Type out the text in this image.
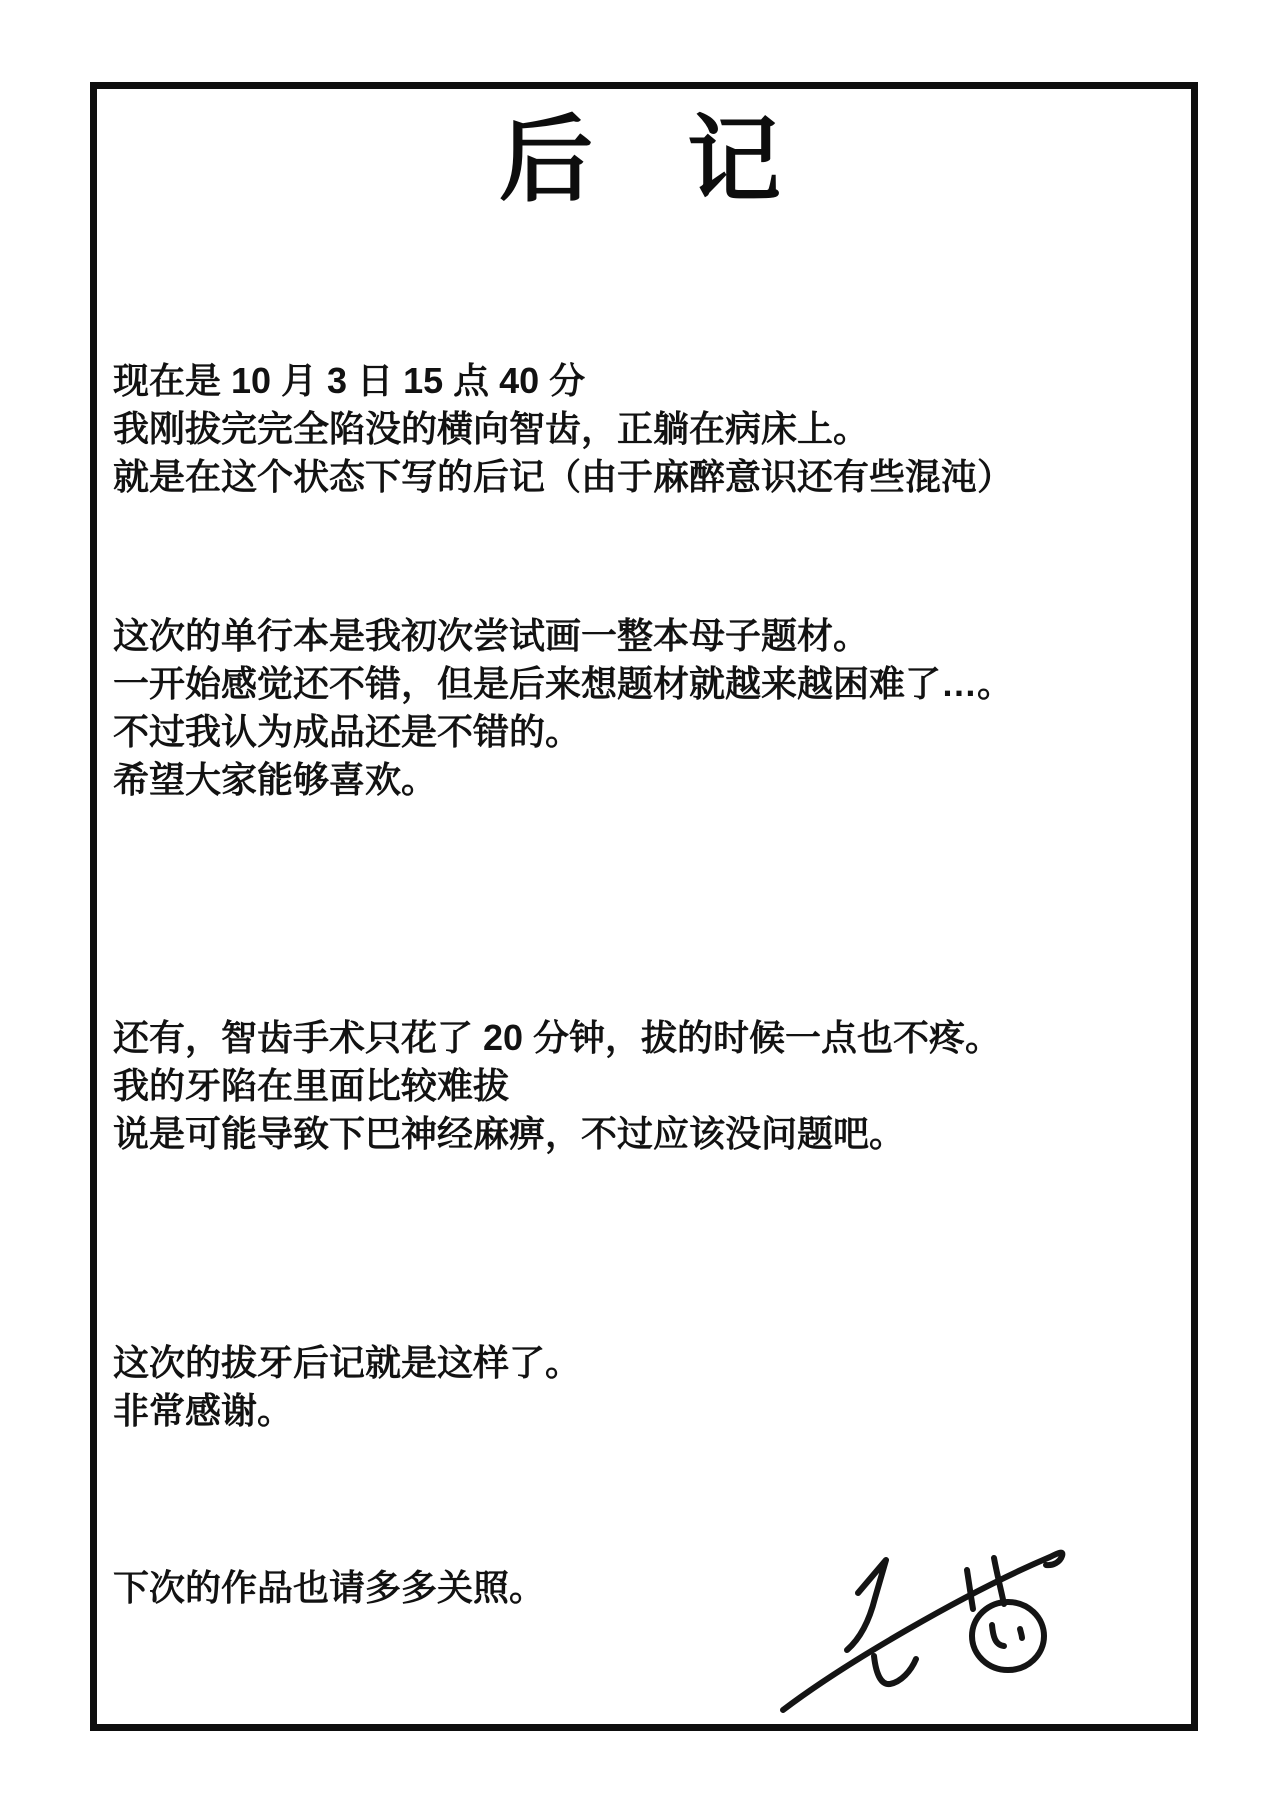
后　记
现在是 10 月 3 日 15 点 40 分
我刚拔完完全陷没的横向智齿，正躺在病床上。
就是在这个状态下写的后记（由于麻醉意识还有些混沌）
这次的单行本是我初次尝试画一整本母子题材。
一开始感觉还不错，但是后来想题材就越来越困难了…。
不过我认为成品还是不错的。
希望大家能够喜欢。
还有，智齿手术只花了 20 分钟，拔的时候一点也不疼。
我的牙陷在里面比较难拔
说是可能导致下巴神经麻痹，不过应该没问题吧。
这次的拔牙后记就是这样了。
非常感谢。
下次的作品也请多多关照。
